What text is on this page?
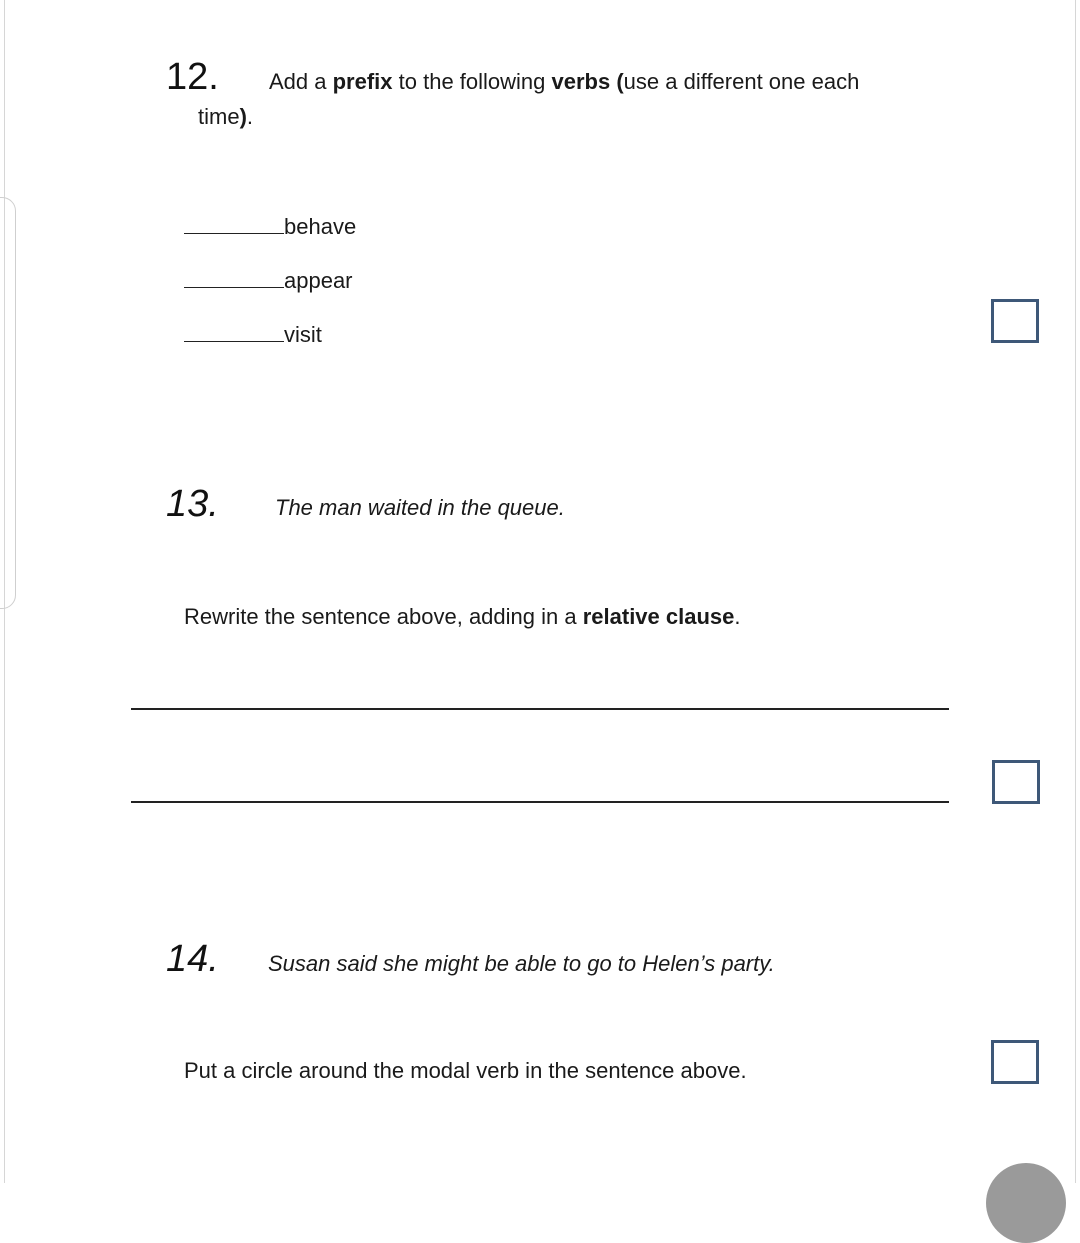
12. Add a prefix to the following verbs (use a different one each
time).
behave
appear
visit
13.	The man waited in the queue.
Rewrite the sentence above, adding in a relative clause.
14. Susan said she might be able to go to Helen’s party.
Put a circle around the modal verb in the sentence above.
